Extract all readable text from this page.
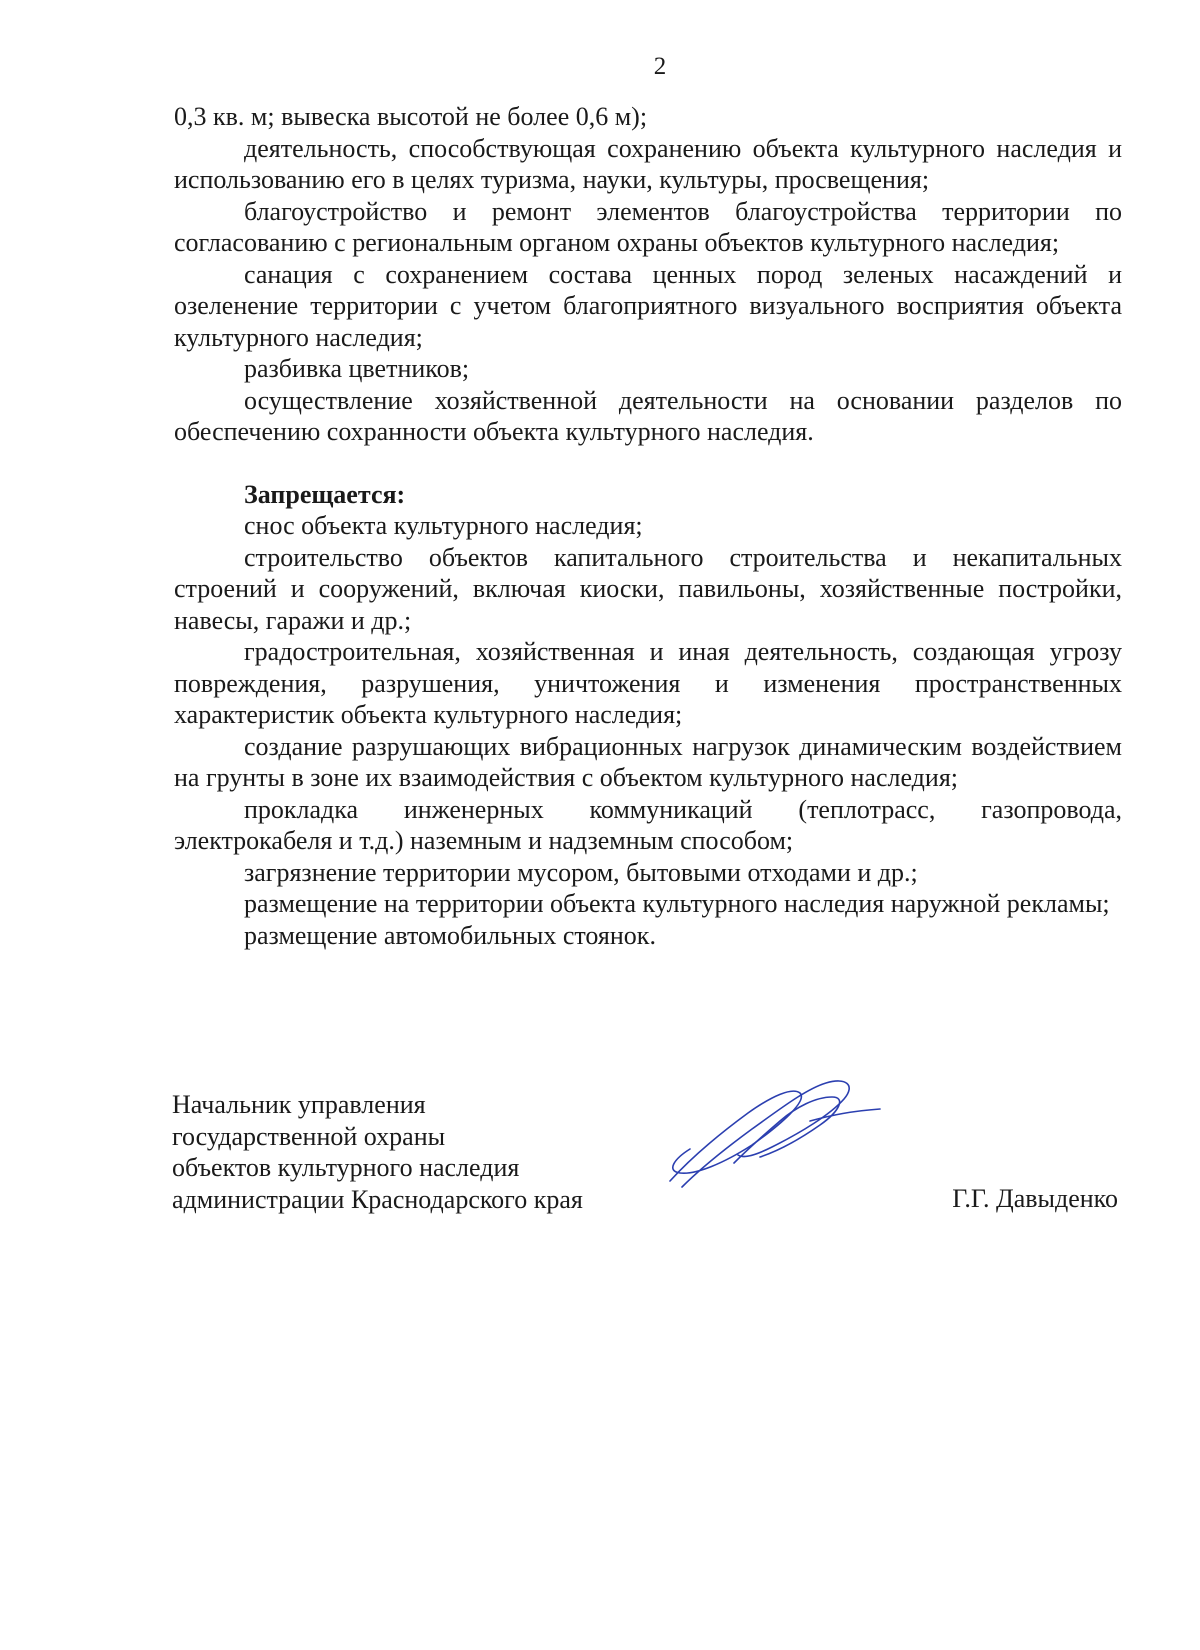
2

0,3 кв. м; вывеска высотой не более 0,6 м);

деятельность, способствующая сохранению объекта культурного наследия и использованию его в целях туризма, науки, культуры, просвещения;

благоустройство и ремонт элементов благоустройства территории по согласованию с региональным органом охраны объектов культурного наследия;

санация с сохранением состава ценных пород зеленых насаждений и озеленение территории с учетом благоприятного визуального восприятия объекта культурного наследия;

разбивка цветников;

осуществление хозяйственной деятельности на основании разделов по обеспечению сохранности объекта культурного наследия.

Запрещается:

снос объекта культурного наследия;

строительство объектов капитального строительства и некапитальных строений и сооружений, включая киоски, павильоны, хозяйственные постройки, навесы, гаражи и др.;

градостроительная, хозяйственная и иная деятельность, создающая угрозу повреждения, разрушения, уничтожения и изменения пространственных характеристик объекта культурного наследия;

создание разрушающих вибрационных нагрузок динамическим воздействием на грунты в зоне их взаимодействия с объектом культурного наследия;

прокладка инженерных коммуникаций (теплотрасс, газопровода, электрокабеля и т.д.) наземным и надземным способом;

загрязнение территории мусором, бытовыми отходами и др.;

размещение на территории объекта культурного наследия наружной рекламы;

размещение автомобильных стоянок.

Начальник управления
государственной охраны
объектов культурного наследия
администрации Краснодарского края	Г.Г. Давыденко
